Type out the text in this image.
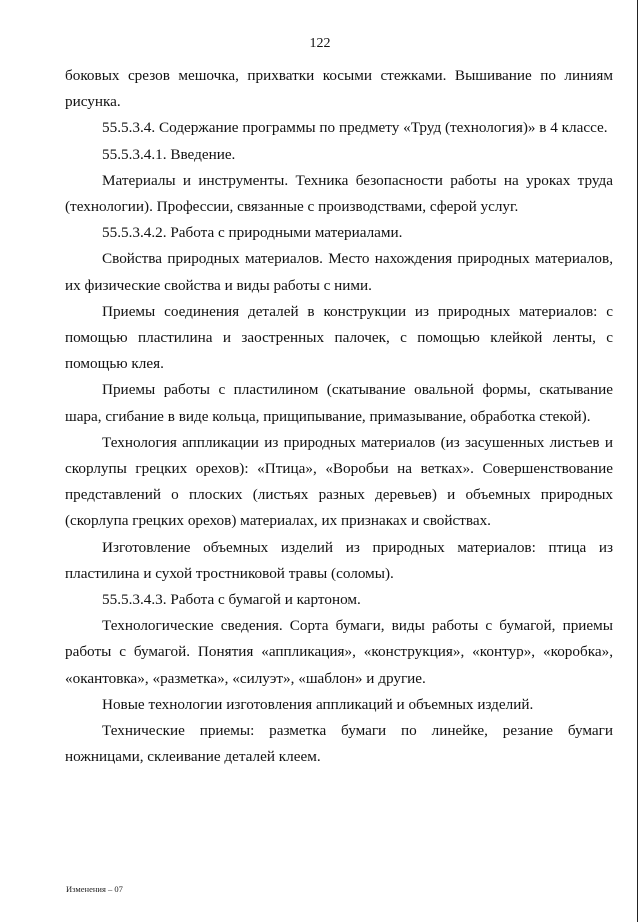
122

боковых срезов мешочка, прихватки косыми стежками. Вышивание по линиям рисунка.

55.5.3.4. Содержание программы по предмету «Труд (технология)» в 4 классе.

55.5.3.4.1. Введение.

Материалы и инструменты. Техника безопасности работы на уроках труда (технологии). Профессии, связанные с производствами, сферой услуг.

55.5.3.4.2. Работа с природными материалами.

Свойства природных материалов. Место нахождения природных материалов, их физические свойства и виды работы с ними.

Приемы соединения деталей в конструкции из природных материалов: с помощью пластилина и заостренных палочек, с помощью клейкой ленты, с помощью клея.

Приемы работы с пластилином (скатывание овальной формы, скатывание шара, сгибание в виде кольца, прищипывание, примазывание, обработка стекой).

Технология аппликации из природных материалов (из засушенных листьев и скорлупы грецких орехов): «Птица», «Воробьи на ветках». Совершенствование представлений о плоских (листьях разных деревьев) и объемных природных (скорлупа грецких орехов) материалах, их признаках и свойствах.

Изготовление объемных изделий из природных материалов: птица из пластилина и сухой тростниковой травы (соломы).

55.5.3.4.3. Работа с бумагой и картоном.

Технологические сведения. Сорта бумаги, виды работы с бумагой, приемы работы с бумагой. Понятия «аппликация», «конструкция», «контур», «коробка», «окантовка», «разметка», «силуэт», «шаблон» и другие.

Новые технологии изготовления аппликаций и объемных изделий.

Технические приемы: разметка бумаги по линейке, резание бумаги ножницами, склеивание деталей клеем.

Изменения – 07
